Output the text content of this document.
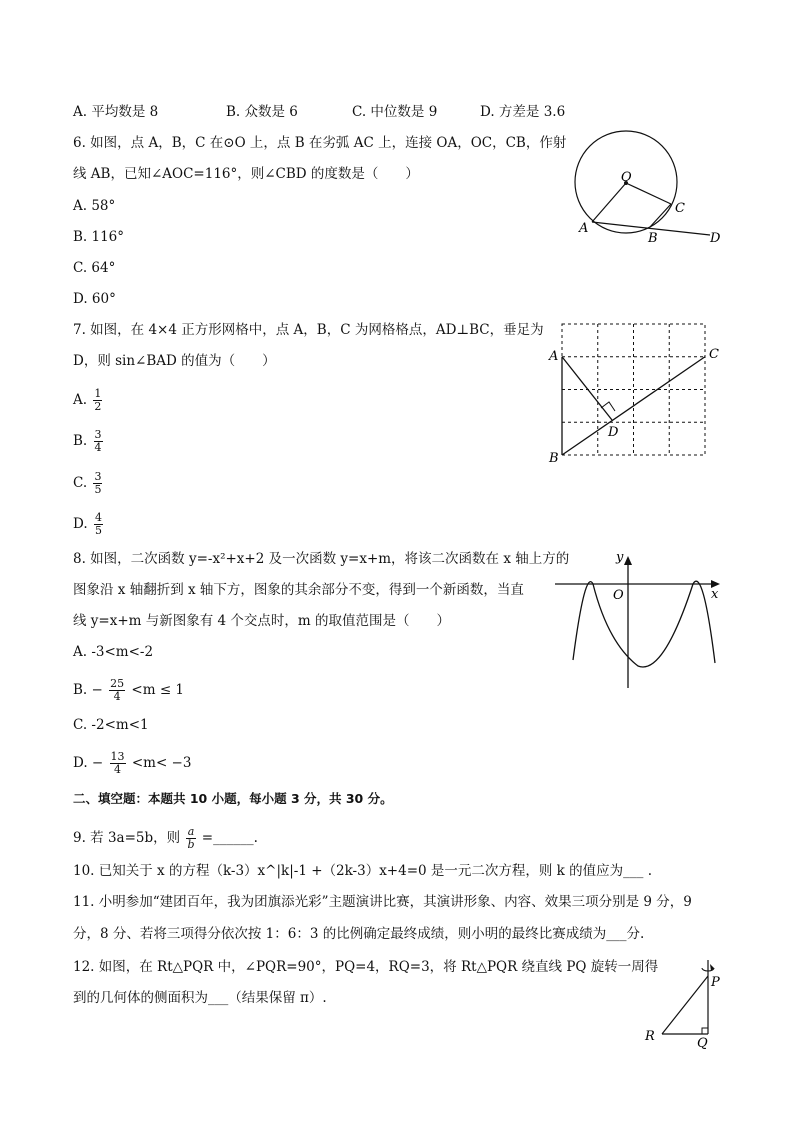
A. 平均数是 8	B. 众数是 6	C. 中位数是 9	D. 方差是 3.6
6. 如图，点 A，B，C 在⊙O 上，点 B 在劣弧 AC 上，连接 OA，OC，CB，作射
线 AB，已知∠AOC=116°，则∠CBD 的度数是（　　）
A. 58°
B. 116°
C. 64°
D. 60°
O
A
B
C
D
7. 如图，在 4×4 正方形网格中，点 A，B，C 为网格格点，AD⊥BC，垂足为
D，则 sin∠BAD 的值为（　　）
A. $\frac{1}{2}$
B. $\frac{3}{4}$
C. $\frac{3}{5}$
D. $\frac{4}{5}$
A
B
C
D
8. 如图，二次函数 y=-x²+x+2 及一次函数 y=x+m，将该二次函数在 x 轴上方的
图象沿 x 轴翻折到 x 轴下方，图象的其余部分不变，得到一个新函数，当直
线 y=x+m 与新图象有 4 个交点时，m 的取值范围是（　　）
A. -3<m<-2
B. − $\frac{25}{4} <m \le 1$
C. -2<m<1
D. − $\frac{13}{4} <m< -3$
y
x
O
二、填空题：本题共 10 小题，每小题 3 分，共 30 分。
9. 若 3a=5b，则 $\frac{a}{b}$ =______.
10. 已知关于 x 的方程（k-3）x^|k|-1 +（2k-3）x+4=0 是一元二次方程，则 k 的值应为___ .
11. 小明参加“建团百年，我为团旗添光彩”主题演讲比赛，其演讲形象、内容、效果三项分别是 9 分，9
分，8 分、若将三项得分依次按 1：6：3 的比例确定最终成绩，则小明的最终比赛成绩为___分.
12. 如图，在 Rt△PQR 中，∠PQR=90°，PQ=4，RQ=3，将 Rt△PQR 绕直线 PQ 旋转一周得
到的几何体的侧面积为___（结果保留 π）.
P
R	Q
